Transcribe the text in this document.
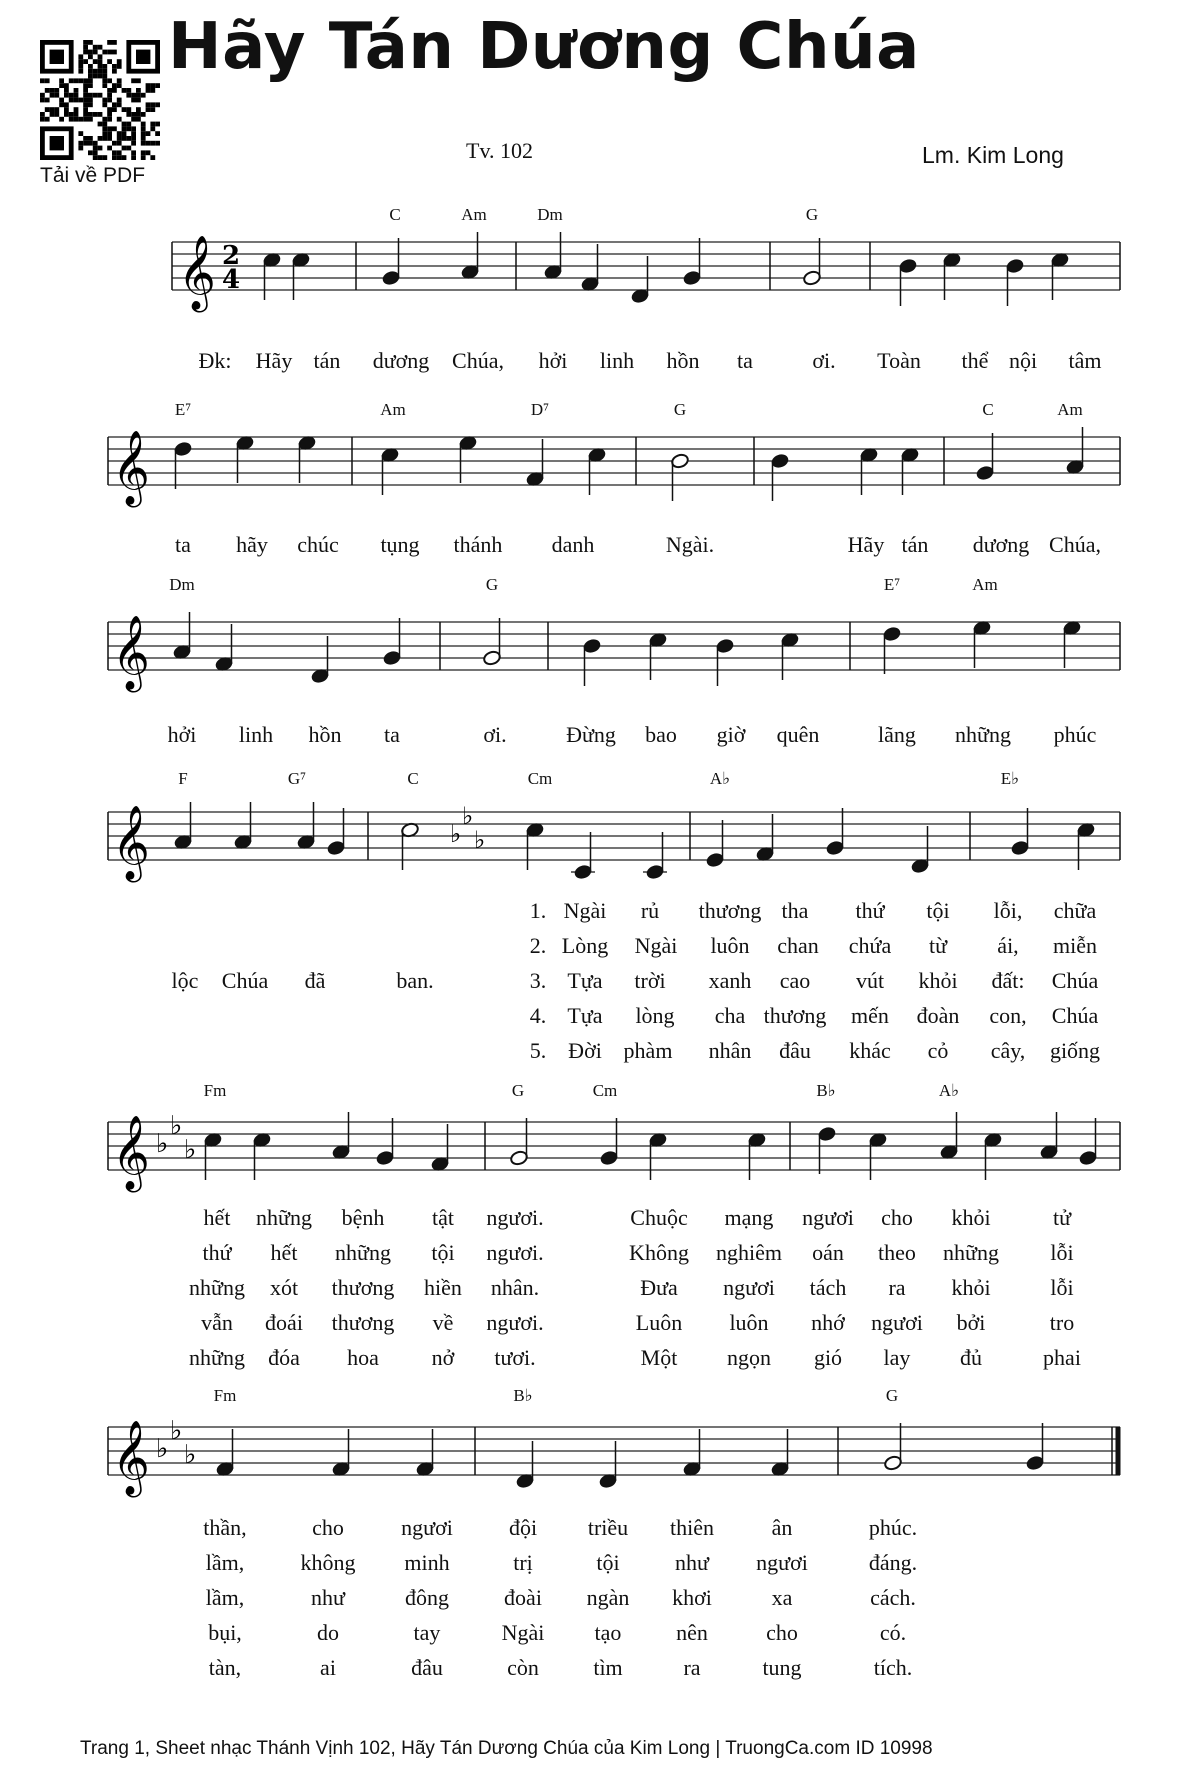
Tải về PDF
Hãy Tán Dương Chúa
Tv. 102	Lm. Kim Long
𝄞 2
4
C	Am	Dm	G
𝄞
E⁷	Am	D⁷	G	C	Am
𝄞
Dm	G	E⁷	Am
𝄞	♭
♭
♭
F	G⁷	C	Cm	A♭	E♭
𝄞 ♭
♭
♭
Fm	G	Cm	B♭	A♭
𝄞 ♭
♭
♭
Fm	B♭	G
Đk: Hãy tán dương Chúa, hởi linh hồn ta	ơi. Toàn thể nội tâm
ta hãy chúc tụng thánh danh	Ngài.	Hãy tán dương Chúa,
hởi linh hồn ta	ơi.	Đừng bao giờ quên	lãng những phúc
1. Ngài rủ thương tha thứ tội lỗi, chữa
2. Lòng Ngài luôn chan chứa từ ái, miễn
3. Tựa trời xanh cao vút khỏi đất: Chúa
4. Tựa lòng cha thương mến đoàn con, Chúa
5. Đời phàm nhân đâu khác cỏ cây, giống
lộc Chúa đã	ban.
hết những bệnh tật ngươi.	Chuộc mạng ngươi cho khỏi	tử
thứ hết những tội ngươi.	Không nghiêm oán theo những lỗi
những xót thương hiền nhân.	Đưa ngươi tách ra khỏi	lỗi
vẫn đoái thương về ngươi.	Luôn luôn nhớ ngươi bởi	tro
những đóa hoa nở tươi.	Một ngọn gió lay đủ	phai
thần,	cho	ngươi	đội triều thiên	ân	phúc.
lầm,	không minh	trị	tội	như ngươi	đáng.
lầm,	như	đông	đoài ngàn khơi	xa	cách.
bụi,	do	tay	Ngài tạo nên	cho	có.
tàn,	ai	đâu	còn tìm	ra	tung	tích.
Trang 1, Sheet nhạc Thánh Vịnh 102, Hãy Tán Dương Chúa của Kim Long | TruongCa.com ID 10998
